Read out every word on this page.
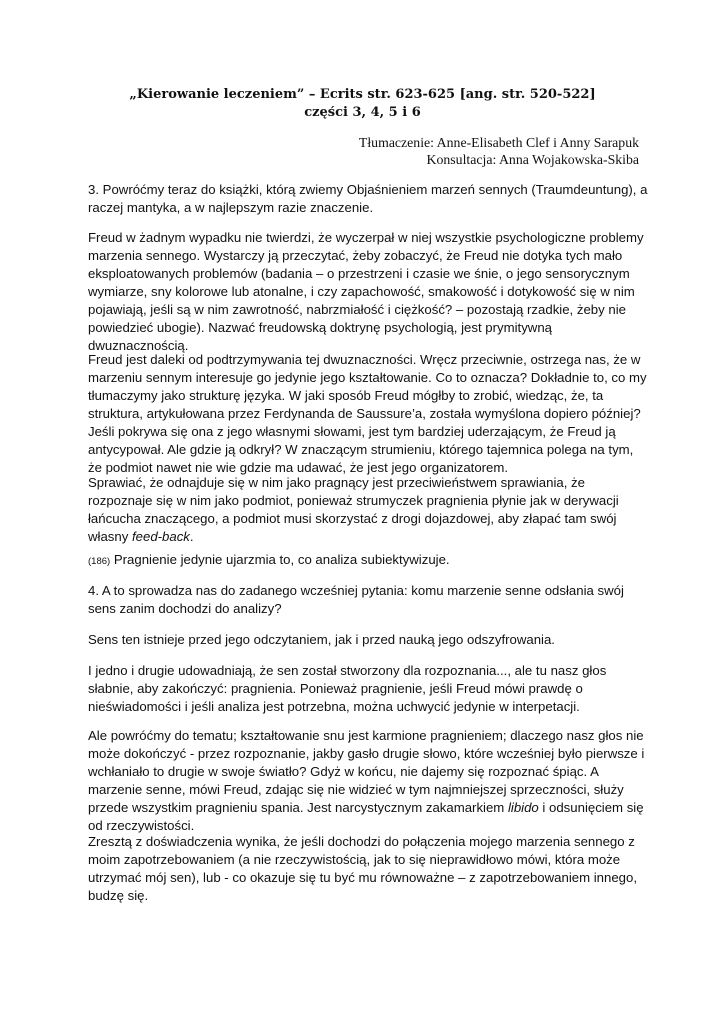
„Kierowanie leczeniem” – Ecrits str. 623-625 [ang. str. 520-522]
części 3, 4, 5 i 6
Tłumaczenie: Anne-Elisabeth Clef i Anny Sarapuk
Konsultacja: Anna Wojakowska-Skiba

3. Powróćmy teraz do książki, którą zwiemy Objaśnieniem marzeń sennych (Traumdeuntung), a raczej mantyka, a w najlepszym razie znaczenie.

Freud w żadnym wypadku nie twierdzi, że wyczerpał w niej wszystkie psychologiczne problemy marzenia sennego. Wystarczy ją przeczytać, żeby zobaczyć, że Freud nie dotyka tych mało eksploatowanych problemów (badania – o przestrzeni i czasie we śnie, o jego sensorycznym wymiarze, sny kolorowe lub atonalne, i czy zapachowość, smakowość i dotykowość się w nim pojawiają, jeśli są w nim zawrotność, nabrzmiałość i ciężkość? – pozostają rzadkie, żeby nie powiedzieć ubogie). Nazwać freudowską doktrynę psychologią, jest prymitywną dwuznacznością.

Freud jest daleki od podtrzymywania tej dwuznaczności. Wręcz przeciwnie, ostrzega nas, że w marzeniu sennym interesuje go jedynie jego kształtowanie. Co to oznacza? Dokładnie to, co my tłumaczymy jako strukturę języka. W jaki sposób Freud mógłby to zrobić, wiedząc, że, ta struktura, artykułowana przez Ferdynanda de Saussure’a, została wymyślona dopiero później? Jeśli pokrywa się ona z jego własnymi słowami, jest tym bardziej uderzającym, że Freud ją antycypował. Ale gdzie ją odkrył? W znaczącym strumieniu, którego tajemnica polega na tym, że podmiot nawet nie wie gdzie ma udawać, że jest jego organizatorem.

Sprawiać, że odnajduje się w nim jako pragnący jest przeciwieństwem sprawiania, że rozpoznaje się w nim jako podmiot, ponieważ strumyczek pragnienia płynie jak w derywacji łańcucha znaczącego, a podmiot musi skorzystać z drogi dojazdowej, aby złapać tam swój własny feed-back.

(186) Pragnienie jedynie ujarzmia to, co analiza subiektywizuje.

4. A to sprowadza nas do zadanego wcześniej pytania: komu marzenie senne odsłania swój sens zanim dochodzi do analizy?

Sens ten istnieje przed jego odczytaniem, jak i przed nauką jego odszyfrowania.

I jedno i drugie udowadniają, że sen został stworzony dla rozpoznania..., ale tu nasz głos słabnie, aby zakończyć: pragnienia. Ponieważ pragnienie, jeśli Freud mówi prawdę o nieświadomości i jeśli analiza jest potrzebna, można uchwycić jedynie w interpetacji.

Ale powróćmy do tematu; kształtowanie snu jest karmione pragnieniem; dlaczego nasz głos nie może dokończyć - przez rozpoznanie, jakby gasło drugie słowo, które wcześniej było pierwsze i wchłaniało to drugie w swoje światło? Gdyż w końcu, nie dajemy się rozpoznać śpiąc. A marzenie senne, mówi Freud, zdając się nie widzieć w tym najmniejszej sprzeczności, służy przede wszystkim pragnieniu spania. Jest narcystycznym zakamarkiem libido i odsunięciem się od rzeczywistości.

Zresztą z doświadczenia wynika, że jeśli dochodzi do połączenia mojego marzenia sennego z moim zapotrzebowaniem (a nie rzeczywistością, jak to się nieprawidłowo mówi, która może utrzymać mój sen), lub - co okazuje się tu być mu równoważne – z zapotrzebowaniem innego, budzę się.
